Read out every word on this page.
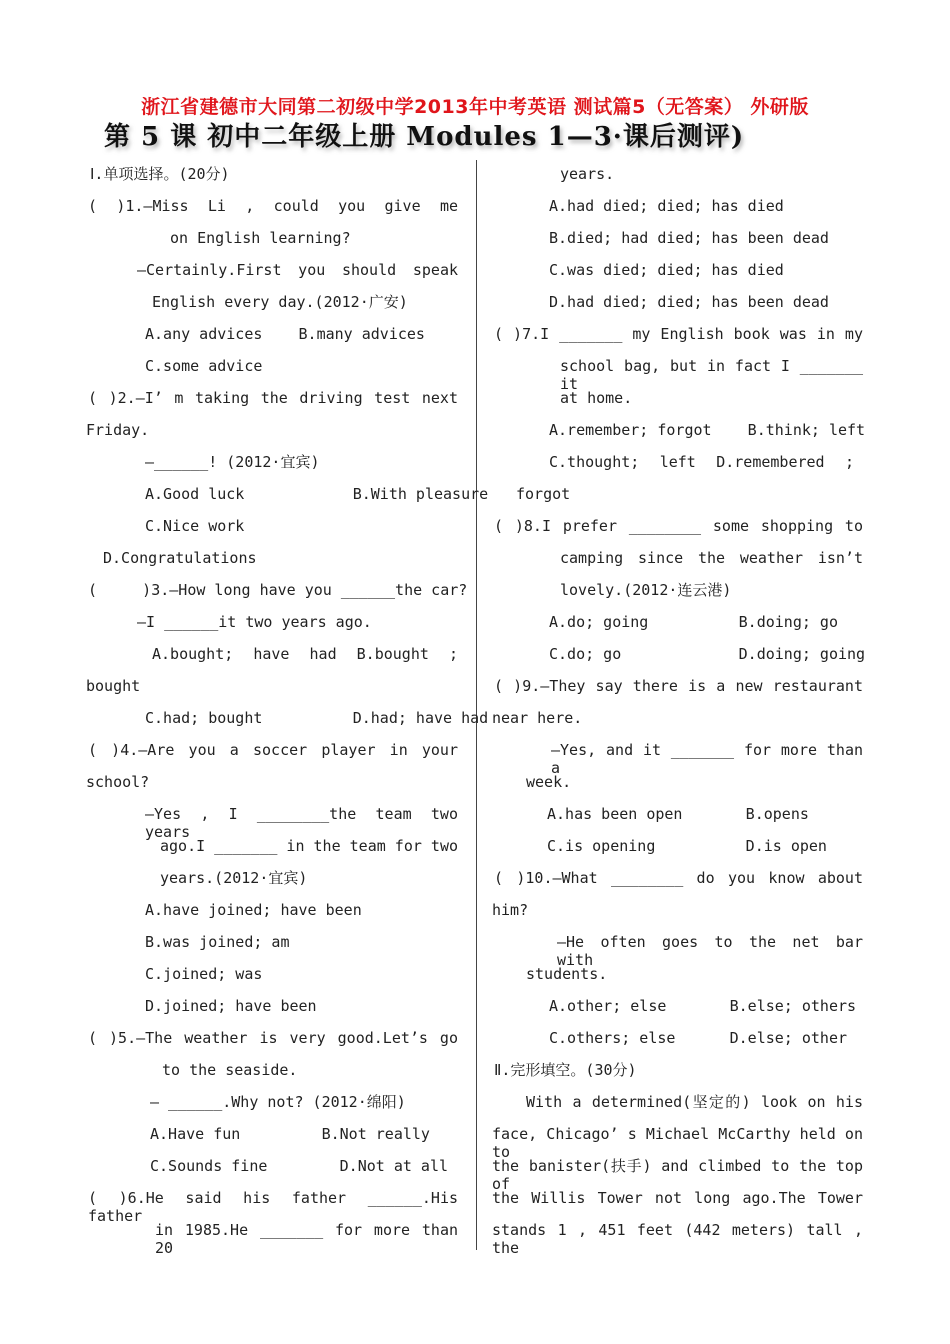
浙江省建德市大同第二初级中学2013年中考英语 测试篇5（无答案） 外研版
第 5 课 初中二年级上册 Modules 1—3·课后测评)
Ⅰ.单项选择。(20分)
( )1.—Miss Li , could you give me
on English learning?
—Certainly.First you should speak
English every day.(2012·广安)
A.any advices    B.many advices
C.some advice
( )2.—I’ m taking the driving test next
Friday.
—______! (2012·宜宾)
A.Good luck            B.With pleasure
C.Nice work
D.Congratulations
(     )3.—How long have you ______the car?
—I ______it two years ago.
A.bought; have had B.bought ;
bought
C.had; bought          D.had; have had
( )4.—Are you a soccer player in your
school?
—Yes , I ________the team two years
ago.I _______ in the team for two
years.(2012·宜宾)
A.have joined; have been
B.was joined; am
C.joined; was
D.joined; have been
( )5.—The weather is very good.Let’s go
to the seaside.
— ______.Why not? (2012·绵阳)
A.Have fun         B.Not really
C.Sounds fine        D.Not at all
( )6.He said his father ______.His father
in 1985.He _______ for more than 20
years.
A.had died; died; has died
B.died; had died; has been dead
C.was died; died; has died
D.had died; died; has been dead
( )7.I _______ my English book was in my
school bag, but in fact I _______ it
at home.
A.remember; forgot    B.think; left
C.thought; left D.remembered ;
forgot
( )8.I prefer ________ some shopping to
camping since the weather isn’t
lovely.(2012·连云港)
A.do; going          B.doing; go
C.do; go             D.doing; going
( )9.—They say there is a new restaurant
near here.
—Yes, and it _______ for more than a
week.
A.has been open       B.opens
C.is opening          D.is open
( )10.—What ________ do you know about
him?
—He often goes to the net bar with
students.
A.other; else       B.else; others
C.others; else      D.else; other
Ⅱ.完形填空。(30分)
With a determined(坚定的) look on his
face, Chicago’ s Michael McCarthy held on to
the banister(扶手) and climbed to the top of
the Willis Tower not long ago.The Tower
stands 1 , 451 feet (442 meters) tall , the
